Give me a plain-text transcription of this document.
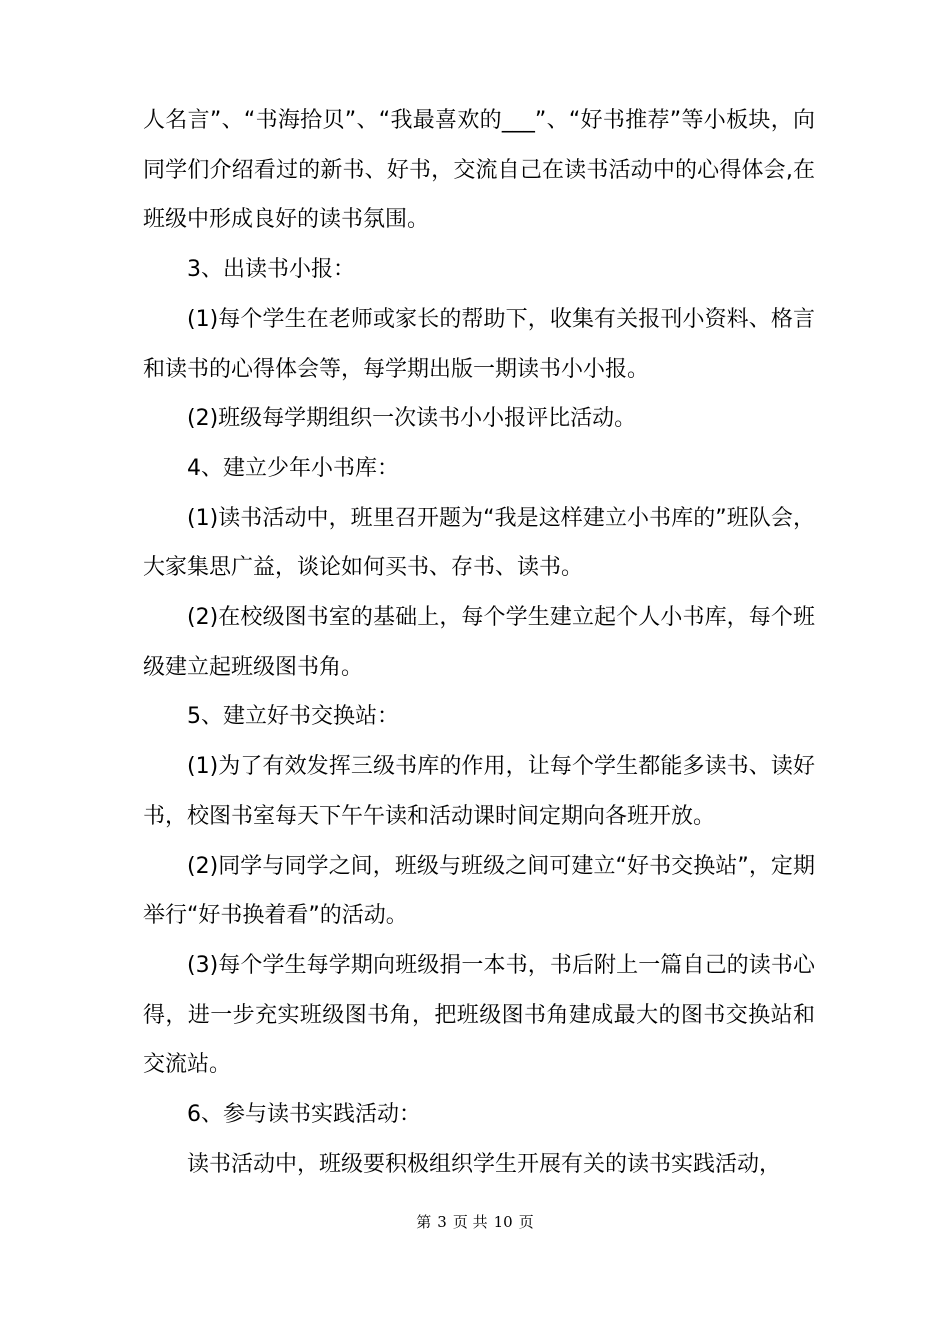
人名言”、“书海拾贝”、“我最喜欢的___”、“好书推荐”等小板块，向同学们介绍看过的新书、好书，交流自己在读书活动中的心得体会,在班级中形成良好的读书氛围。

3、出读书小报：

(1)每个学生在老师或家长的帮助下，收集有关报刊小资料、格言和读书的心得体会等，每学期出版一期读书小小报。

(2)班级每学期组织一次读书小小报评比活动。

4、建立少年小书库：

(1)读书活动中，班里召开题为“我是这样建立小书库的”班队会，大家集思广益，谈论如何买书、存书、读书。

(2)在校级图书室的基础上，每个学生建立起个人小书库，每个班级建立起班级图书角。

5、建立好书交换站：

(1)为了有效发挥三级书库的作用，让每个学生都能多读书、读好书，校图书室每天下午午读和活动课时间定期向各班开放。

(2)同学与同学之间，班级与班级之间可建立“好书交换站”，定期举行“好书换着看”的活动。

(3)每个学生每学期向班级捐一本书，书后附上一篇自己的读书心得，进一步充实班级图书角，把班级图书角建成最大的图书交换站和交流站。

6、参与读书实践活动：

读书活动中，班级要积极组织学生开展有关的读书实践活动，

第 3 页 共 10 页
